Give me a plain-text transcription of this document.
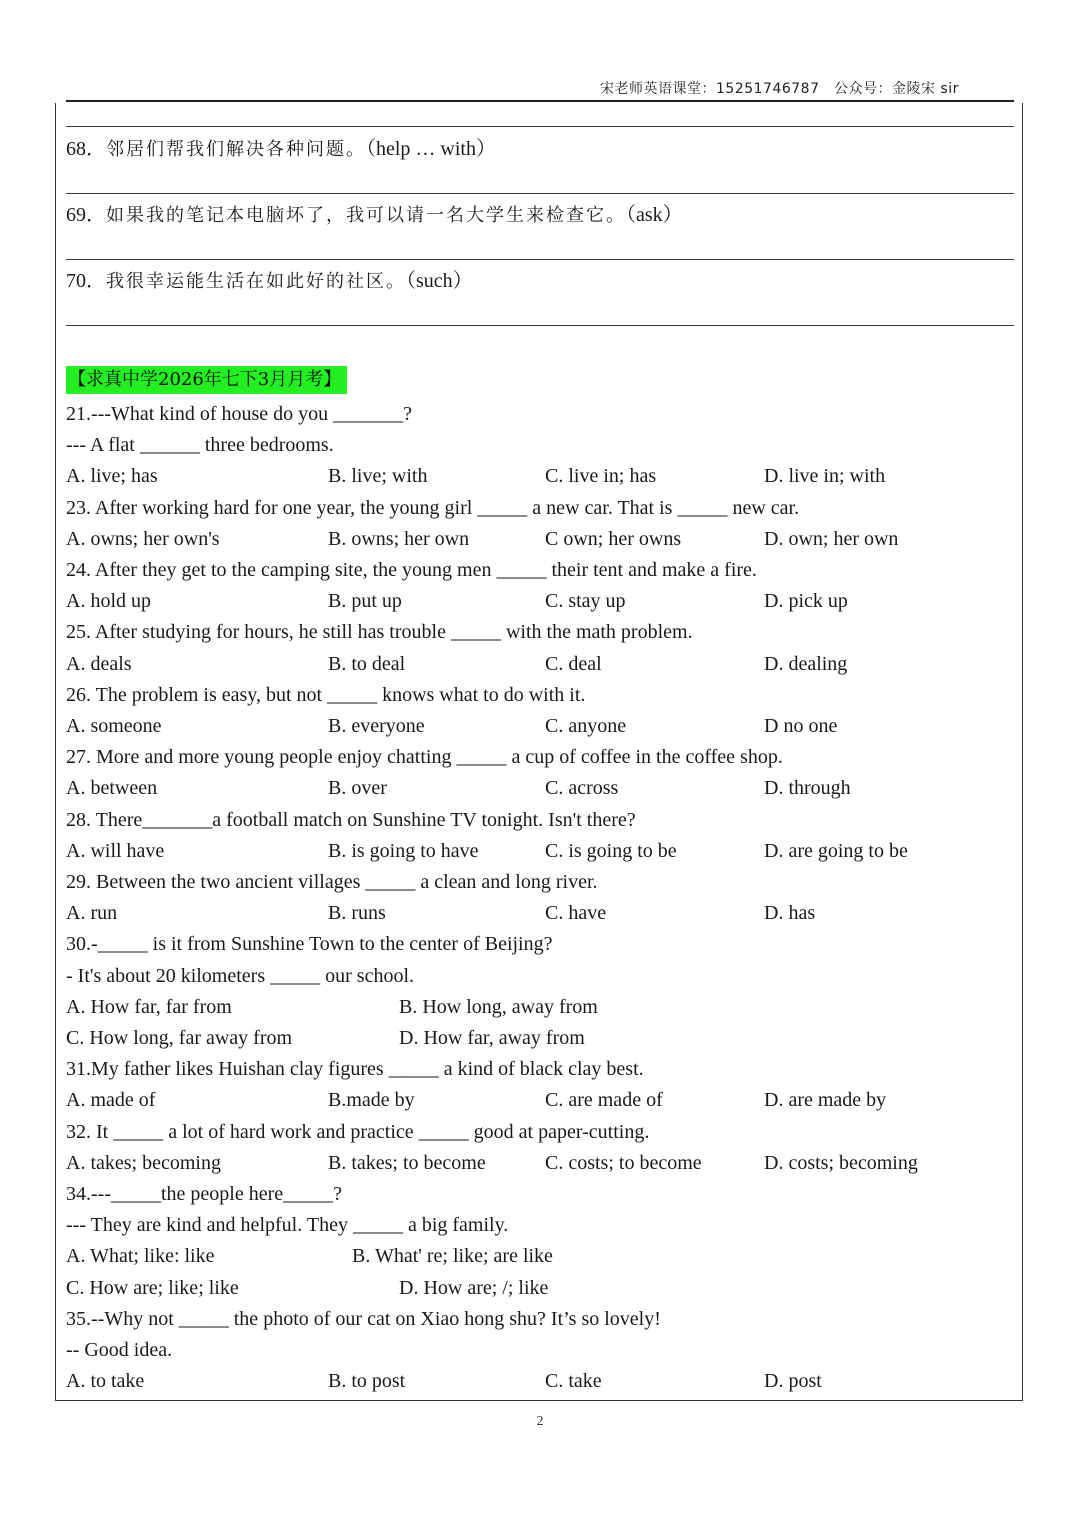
宋老师英语课堂：15251746787　公众号：金陵宋 sir
68．邻居们帮我们解决各种问题。（help … with）
69．如果我的笔记本电脑坏了，我可以请一名大学生来检查它。（ask）
70．我很幸运能生活在如此好的社区。（such）
【求真中学2026年七下3月月考】
21.---What kind of house do you _______?
--- A flat ______ three bedrooms.
A. live; has	B. live; with	C. live in; has	D. live in; with
23. After working hard for one year, the young girl _____ a new car. That is _____ new car.
A. owns; her own's	B. owns; her own	C own; her owns	D. own; her own
24. After they get to the camping site, the young men _____ their tent and make a fire.
A. hold up	B. put up	C. stay up	D. pick up
25. After studying for hours, he still has trouble _____ with the math problem.
A. deals	B. to deal	C. deal	D. dealing
26. The problem is easy, but not _____ knows what to do with it.
A. someone	B. everyone	C. anyone	D no one
27. More and more young people enjoy chatting _____ a cup of coffee in the coffee shop.
A. between	B. over	C. across	D. through
28. There_______a football match on Sunshine TV tonight. Isn't there?
A. will have	B. is going to have	C. is going to be	D. are going to be
29. Between the two ancient villages _____ a clean and long river.
A. run	B. runs	C. have	D. has
30.-_____ is it from Sunshine Town to the center of Beijing?
- It's about 20 kilometers _____ our school.
A. How far, far from	B. How long, away from
C. How long, far away from	D. How far, away from
31.My father likes Huishan clay figures _____ a kind of black clay best.
A. made of	B.made by	C. are made of	D. are made by
32. It _____ a lot of hard work and practice _____ good at paper-cutting.
A. takes; becoming	B. takes; to become	C. costs; to become	D. costs; becoming
34.---_____the people here_____?
--- They are kind and helpful. They _____ a big family.
A. What; like: like	B. What' re; like; are like
C. How are; like; like	D. How are; /; like
35.--Why not _____ the photo of our cat on Xiao hong shu? It’s so lovely!
-- Good idea.
A. to take	B. to post	C. take	D. post
2
